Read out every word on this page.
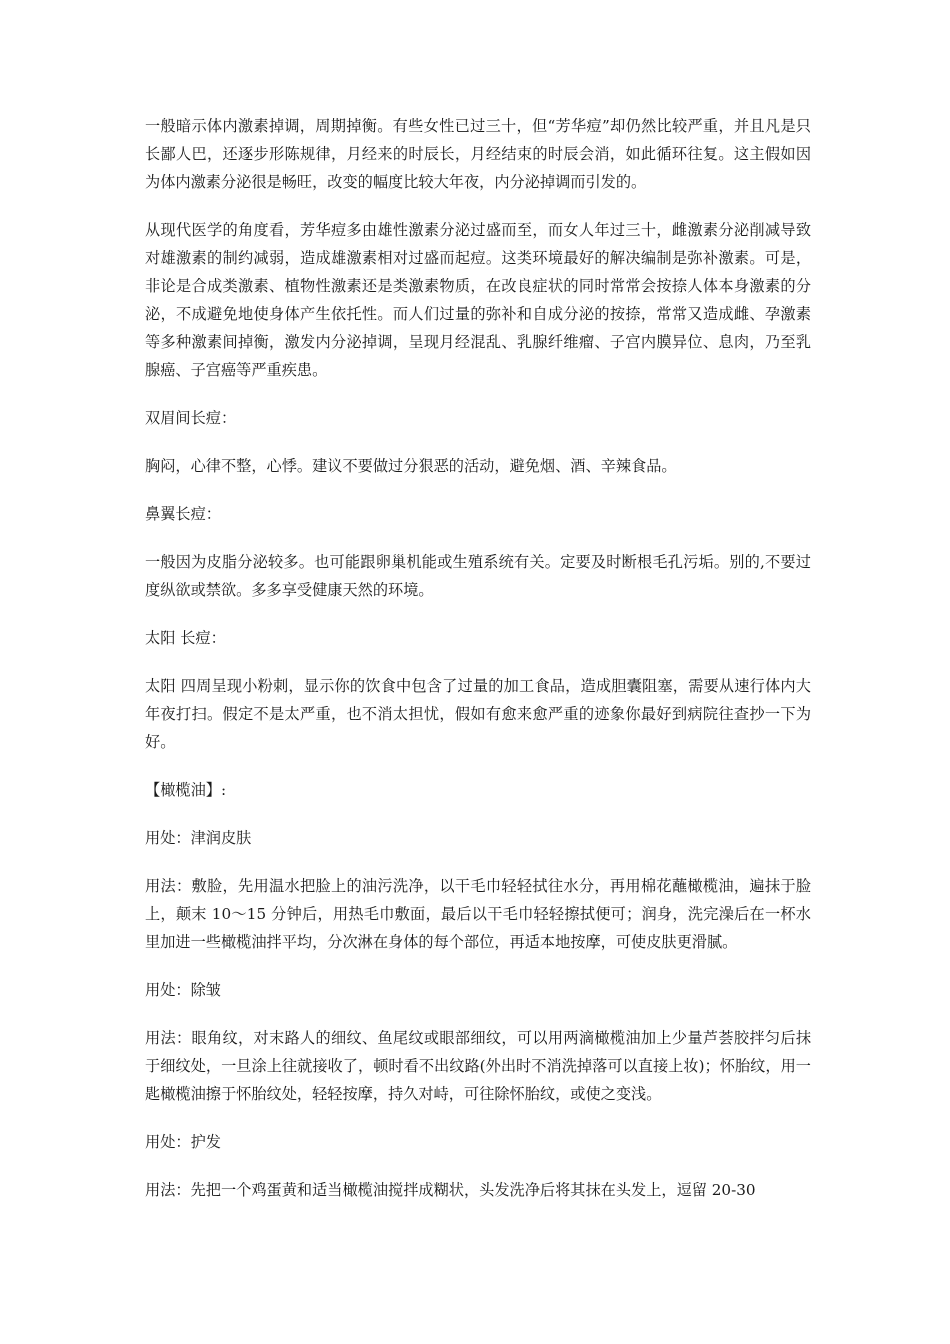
一般暗示体内激素掉调，周期掉衡。有些女性已过三十，但“芳华痘”却仍然比较严重，并且凡是只长鄙人巴，还逐步形陈规律，月经来的时辰长，月经结束的时辰会消，如此循环往复。这主假如因为体内激素分泌很是畅旺，改变的幅度比较大年夜，内分泌掉调而引发的。

从现代医学的角度看，芳华痘多由雄性激素分泌过盛而至，而女人年过三十，雌激素分泌削减导致对雄激素的制约减弱，造成雄激素相对过盛而起痘。这类环境最好的解决编制是弥补激素。可是，非论是合成类激素、植物性激素还是类激素物质，在改良症状的同时常常会按捺人体本身激素的分泌，不成避免地使身体产生依托性。而人们过量的弥补和自成分泌的按捺，常常又造成雌、孕激素等多种激素间掉衡，激发内分泌掉调，呈现月经混乱、乳腺纤维瘤、子宫内膜异位、息肉，乃至乳腺癌、子宫癌等严重疾患。

双眉间长痘：

胸闷，心律不整，心悸。建议不要做过分狠恶的活动，避免烟、酒、辛辣食品。

鼻翼长痘：

一般因为皮脂分泌较多。也可能跟卵巢机能或生殖系统有关。定要及时断根毛孔污垢。别的,不要过度纵欲或禁欲。多多享受健康天然的环境。

太阳 长痘：

太阳 四周呈现小粉刺，显示你的饮食中包含了过量的加工食品，造成胆囊阻塞，需要从速行体内大年夜打扫。假定不是太严重，也不消太担忧，假如有愈来愈严重的迹象你最好到病院往查抄一下为好。

【橄榄油】:

用处：津润皮肤

用法：敷脸，先用温水把脸上的油污洗净，以干毛巾轻轻拭往水分，再用棉花蘸橄榄油，遍抹于脸上，颠末 10～15 分钟后，用热毛巾敷面，最后以干毛巾轻轻擦拭便可；润身，洗完澡后在一杯水里加进一些橄榄油拌平均，分次淋在身体的每个部位，再适本地按摩，可使皮肤更滑腻。

用处：除皱

用法：眼角纹，对末路人的细纹、鱼尾纹或眼部细纹，可以用两滴橄榄油加上少量芦荟胶拌匀后抹于细纹处，一旦涂上往就接收了，顿时看不出纹路(外出时不消洗掉落可以直接上妆)；怀胎纹，用一匙橄榄油擦于怀胎纹处，轻轻按摩，持久对峙，可往除怀胎纹，或使之变浅。

用处：护发

用法：先把一个鸡蛋黄和适当橄榄油搅拌成糊状，头发洗净后将其抹在头发上，逗留 20-30
